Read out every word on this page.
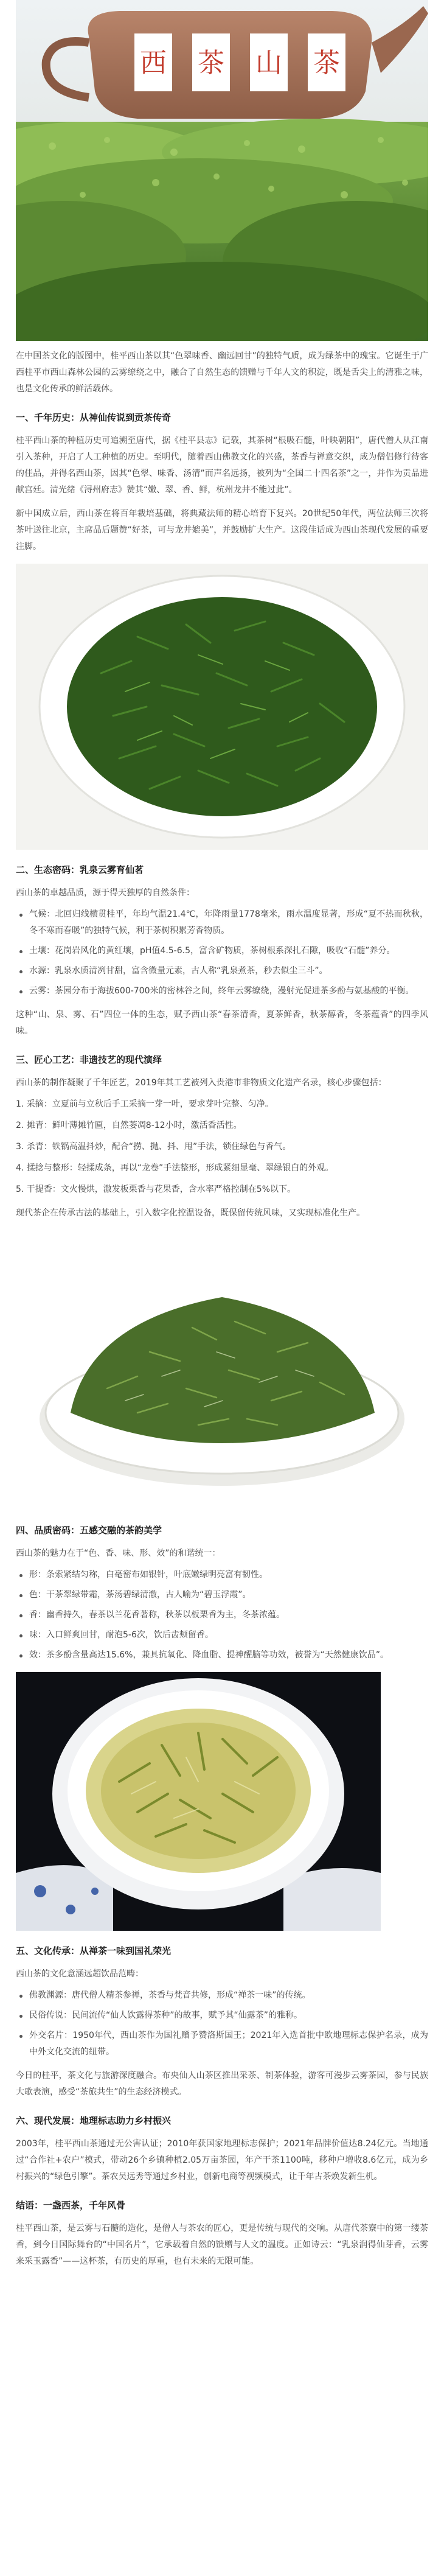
西 茶 山 茶

在中国茶文化的版图中，桂平西山茶以其“色翠味香、幽远回甘”的独特气质，成为绿茶中的瑰宝。它诞生于广西桂平市西山森林公园的云雾缭绕之中，融合了自然生态的馈赠与千年人文的积淀，既是舌尖上的清雅之味，也是文化传承的鲜活载体。

一、千年历史：从神仙传说到贡茶传奇

桂平西山茶的种植历史可追溯至唐代，据《桂平县志》记载，其茶树“根吸石髓，叶映朝阳”，唐代僧人从江南引入茶种，开启了人工种植的历史。至明代，随着西山佛教文化的兴盛，茶香与禅意交织，成为僧侣修行待客的佳品，并得名西山茶，因其“色翠、味香、汤清”而声名远扬，被列为“全国二十四名茶”之一，并作为贡品进献宫廷。清光绪《浔州府志》赞其“嫩、翠、香、鲜，杭州龙井不能过此”。

新中国成立后，西山茶在将百年栽培基础，将典藏法师的精心培育下复兴。20世纪50年代，两位法师三次将茶叶送往北京，主席品后题赞“好茶，可与龙井媲美”，并鼓励扩大生产。这段佳话成为西山茶现代发展的重要注脚。

二、生态密码：乳泉云雾育仙茗

西山茶的卓越品质，源于得天独厚的自然条件：

气候：北回归线横贯桂平，年均气温21.4℃，年降雨量1778毫米，雨水温度显著，形成“夏不热而秋秋，冬不寒而春暖”的独特气候，利于茶树积累芳香物质。
土壤：花岗岩风化的黄红壤，pH值4.5-6.5，富含矿物质，茶树根系深扎石隙，吸收“石髓”养分。
水源：乳泉水质清冽甘甜，富含微量元素，古人称“乳泉煮茶，秒去似尘三斗”。
云雾：茶园分布于海拔600-700米的密林谷之间，终年云雾缭绕，漫射光促进茶多酚与氨基酸的平衡。

这种“山、泉、雾、石”四位一体的生态，赋予西山茶“春茶清香，夏茶鲜香，秋茶醇香，冬茶蕴香”的四季风味。

三、匠心工艺：非遗技艺的现代演绎

西山茶的制作凝聚了千年匠艺，2019年其工艺被列入贵港市非物质文化遗产名录，核心步骤包括：

1. 采摘：立夏前与立秋后手工采摘一芽一叶，要求芽叶完整、匀净。
2. 摊青：鲜叶薄摊竹匾，自然萎凋8-12小时，激活香活性。
3. 杀青：铁锅高温抖炒，配合“捞、抛、抖、甩”手法，锁住绿色与香气。
4. 揉捻与整形：轻揉成条，再以“龙卷”手法整形，形成紧细显毫、翠绿银白的外观。
5. 干提香：文火慢烘，激发板栗香与花果香，含水率严格控制在5%以下。

现代茶企在传承古法的基础上，引入数字化控温设备，既保留传统风味，又实现标准化生产。

四、品质密码：五感交融的茶韵美学

西山茶的魅力在于“色、香、味、形、效”的和谐统一：

形：条索紧结匀称，白毫密布如银针，叶底嫩绿明亮富有韧性。
色：干茶翠绿带霜，茶汤碧绿清澈，古人喻为“碧玉浮霞”。
香：幽香持久，春茶以兰花香著称，秋茶以板栗香为主，冬茶浓蕴。
味：入口鲜爽回甘，耐泡5-6次，饮后齿颊留香。
效：茶多酚含量高达15.6%，兼具抗氧化、降血脂、提神醒脑等功效，被誉为“天然健康饮品”。
五、文化传承：从禅茶一味到国礼荣光

西山茶的文化意涵远超饮品范畴：

佛教渊源：唐代僧人精茶参禅，茶香与梵音共修，形成“禅茶一味”的传统。
民俗传说：民间流传“仙人饮露得茶种”的故事，赋予其“仙露茶”的雅称。
外交名片：1950年代，西山茶作为国礼赠予赞洛斯国王；2021年入选首批中欧地理标志保护名录，成为中外文化交流的纽带。

今日的桂平，茶文化与旅游深度融合。布央仙人山茶区推出采茶、制茶体验，游客可漫步云雾茶园，参与民族大歌表演，感受“茶旅共生”的生态经济模式。

六、现代发展：地理标志助力乡村振兴

2003年，桂平西山茶通过无公害认证；2010年获国家地理标志保护；2021年品牌价值达8.24亿元。当地通过“合作社+农户”模式，带动26个乡镇种植2.05万亩茶园，年产干茶1100吨，移种户增收8.6亿元，成为乡村振兴的“绿色引擎”。茶农吴远秀等通过乡村业，创新电商等视频模式，让千年古茶焕发新生机。

结语：一盏西茶，千年风骨

桂平西山茶，是云雾与石髓的造化，是僧人与茶农的匠心，更是传统与现代的交响。从唐代茶寮中的第一缕茶香，到今日国际舞台的“中国名片”，它承载着自然的馈赠与人文的温度。正如诗云：“乳泉润得仙芽香，云雾来采玉露香”——这杯茶，有历史的厚重，也有未来的无限可能。
